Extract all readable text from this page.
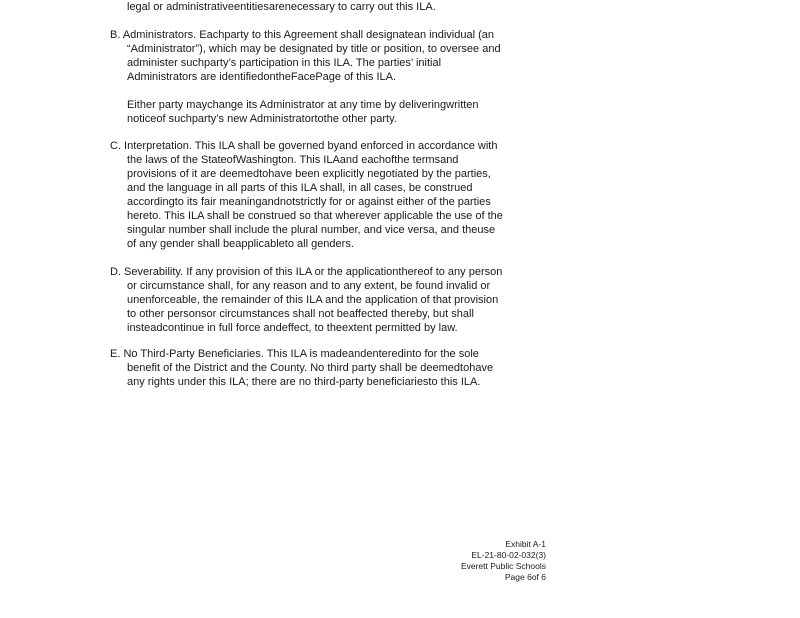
legal or administrativeentitiesarenecessary to carry out this ILA.
B. Administrators. Eachparty to this Agreement shall designatean individual (an
“Administrator”), which may be designated by title or position, to oversee and
administer suchparty’s participation in this ILA. The parties’ initial
Administrators are identifiedontheFacePage of this ILA.
Either party maychange its Administrator at any time by deliveringwritten
noticeof suchparty’s new Administratortothe other party.
C. Interpretation. This ILA shall be governed byand enforced in accordance with
the laws of the StateofWashington. This ILAand eachofthe termsand
provisions of it are deemedtohave been explicitly negotiated by the parties,
and the language in all parts of this ILA shall, in all cases, be construed
accordingto its fair meaningandnotstrictly for or against either of the parties
hereto. This ILA shall be construed so that wherever applicable the use of the
singular number shall include the plural number, and vice versa, and theuse
of any gender shall beapplicableto all genders.
D. Severability. If any provision of this ILA or the applicationthereof to any person
or circumstance shall, for any reason and to any extent, be found invalid or
unenforceable, the remainder of this ILA and the application of that provision
to other personsor circumstances shall not beaffected thereby, but shall
insteadcontinue in full force andeffect, to theextent permitted by law.
E. No Third-Party Beneficiaries. This ILA is madeandenteredinto for the sole
benefit of the District and the County. No third party shall be deemedtohave
any rights under this ILA; there are no third-party beneficiariesto this ILA.
Exhibit A-1
EL-21-80-02-032(3)
Everett Public Schools
Page 6of 6
